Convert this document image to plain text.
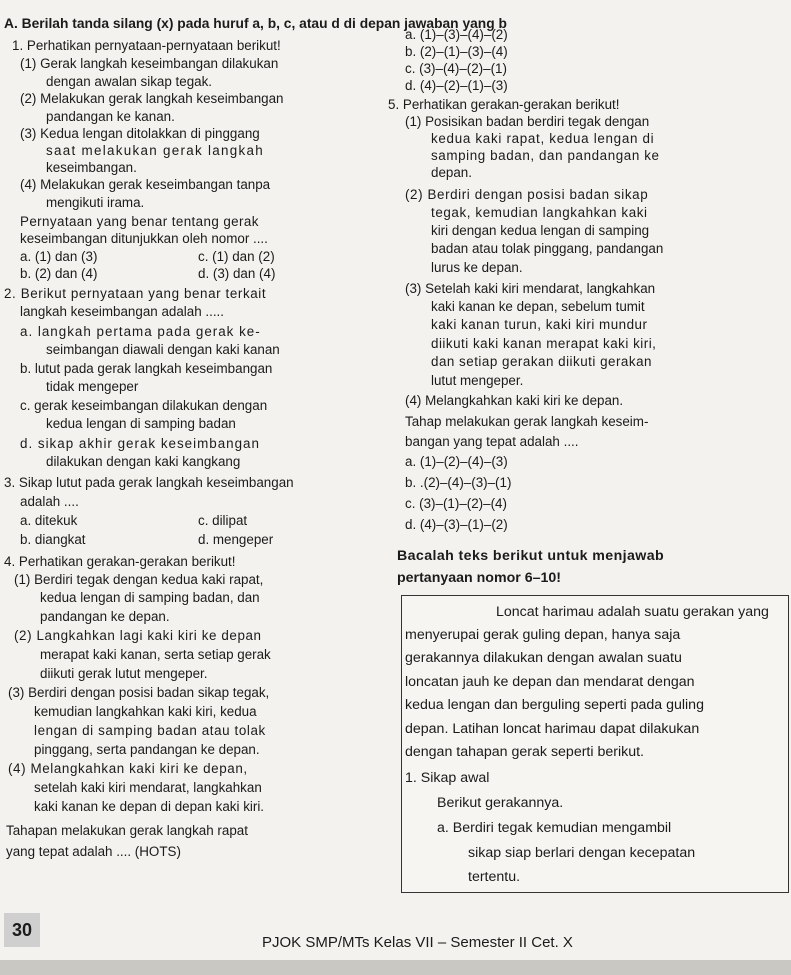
A. Berilah tanda silang (x) pada huruf a, b, c, atau d di depan jawaban yang b
1. Perhatikan pernyataan-pernyataan berikut!
(1) Gerak langkah keseimbangan dilakukan
dengan awalan sikap tegak.
(2) Melakukan gerak langkah keseimbangan
pandangan ke kanan.
(3) Kedua lengan ditolakkan di pinggang
saat melakukan gerak langkah
keseimbangan.
(4) Melakukan gerak keseimbangan tanpa
mengikuti irama.
Pernyataan yang benar tentang gerak
keseimbangan ditunjukkan oleh nomor ....
a. (1) dan (3)	c. (1) dan (2)
b. (2) dan (4)	d. (3) dan (4)
2. Berikut pernyataan yang benar terkait
langkah keseimbangan adalah .....
a. langkah pertama pada gerak ke-
seimbangan diawali dengan kaki kanan
b. lutut pada gerak langkah keseimbangan
tidak mengeper
c. gerak keseimbangan dilakukan dengan
kedua lengan di samping badan
d. sikap akhir gerak keseimbangan
dilakukan dengan kaki kangkang
3. Sikap lutut pada gerak langkah keseimbangan
adalah ....
a. ditekuk	c. dilipat
b. diangkat	d. mengeper
4. Perhatikan gerakan-gerakan berikut!
(1) Berdiri tegak dengan kedua kaki rapat,
kedua lengan di samping badan, dan
pandangan ke depan.
(2) Langkahkan lagi kaki kiri ke depan
merapat kaki kanan, serta setiap gerak
diikuti gerak lutut mengeper.
(3) Berdiri dengan posisi badan sikap tegak,
kemudian langkahkan kaki kiri, kedua
lengan di samping badan atau tolak
pinggang, serta pandangan ke depan.
(4) Melangkahkan kaki kiri ke depan,
setelah kaki kiri mendarat, langkahkan
kaki kanan ke depan di depan kaki kiri.
Tahapan melakukan gerak langkah rapat
yang tepat adalah .... (HOTS)
a. (1)–(3)–(4)–(2)
b. (2)–(1)–(3)–(4)
c. (3)–(4)–(2)–(1)
d. (4)–(2)–(1)–(3)
5. Perhatikan gerakan-gerakan berikut!
(1) Posisikan badan berdiri tegak dengan
kedua kaki rapat, kedua lengan di
samping badan, dan pandangan ke
depan.
(2) Berdiri dengan posisi badan sikap
tegak, kemudian langkahkan kaki
kiri dengan kedua lengan di samping
badan atau tolak pinggang, pandangan
lurus ke depan.
(3) Setelah kaki kiri mendarat, langkahkan
kaki kanan ke depan, sebelum tumit
kaki kanan turun, kaki kiri mundur
diikuti kaki kanan merapat kaki kiri,
dan setiap gerakan diikuti gerakan
lutut mengeper.
(4) Melangkahkan kaki kiri ke depan.
Tahap melakukan gerak langkah keseim-
bangan yang tepat adalah ....
a. (1)–(2)–(4)–(3)
b. .(2)–(4)–(3)–(1)
c. (3)–(1)–(2)–(4)
d. (4)–(3)–(1)–(2)
Bacalah teks berikut untuk menjawab
pertanyaan nomor 6–10!
Loncat harimau adalah suatu gerakan yang
menyerupai gerak guling depan, hanya saja
gerakannya dilakukan dengan awalan suatu
loncatan jauh ke depan dan mendarat dengan
kedua lengan dan berguling seperti pada guling
depan. Latihan loncat harimau dapat dilakukan
dengan tahapan gerak seperti berikut.
1. Sikap awal
Berikut gerakannya.
a. Berdiri tegak kemudian mengambil
sikap siap berlari dengan kecepatan
tertentu.
30
PJOK SMP/MTs Kelas VII – Semester II Cet. X
